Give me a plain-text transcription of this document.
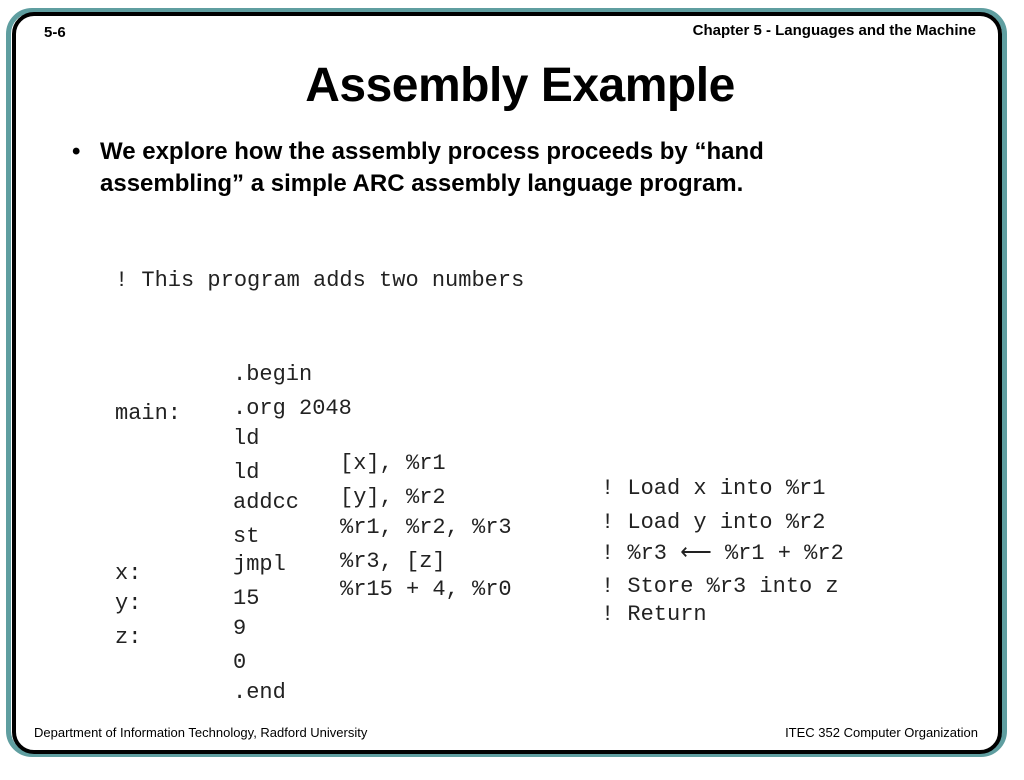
5-6	Chapter 5 - Languages and the Machine
Assembly Example
• We explore how the assembly process proceeds by “hand assembling” a simple ARC assembly language program.
! This program adds two numbers

.begin

.org 2048

main:

ld

[x], %r1

! Load x into %r1

ld

[y], %r2

! Load y into %r2

addcc

%r1, %r2, %r3

! %r3 ⟵ %r1 + %r2

st

%r3, [z]

! Store %r3 into z

jmpl

%r15 + 4, %r0

! Return

x:

15

y:

9

z:

0

.end

Department of Information Technology, Radford University	ITEC 352 Computer Organization
